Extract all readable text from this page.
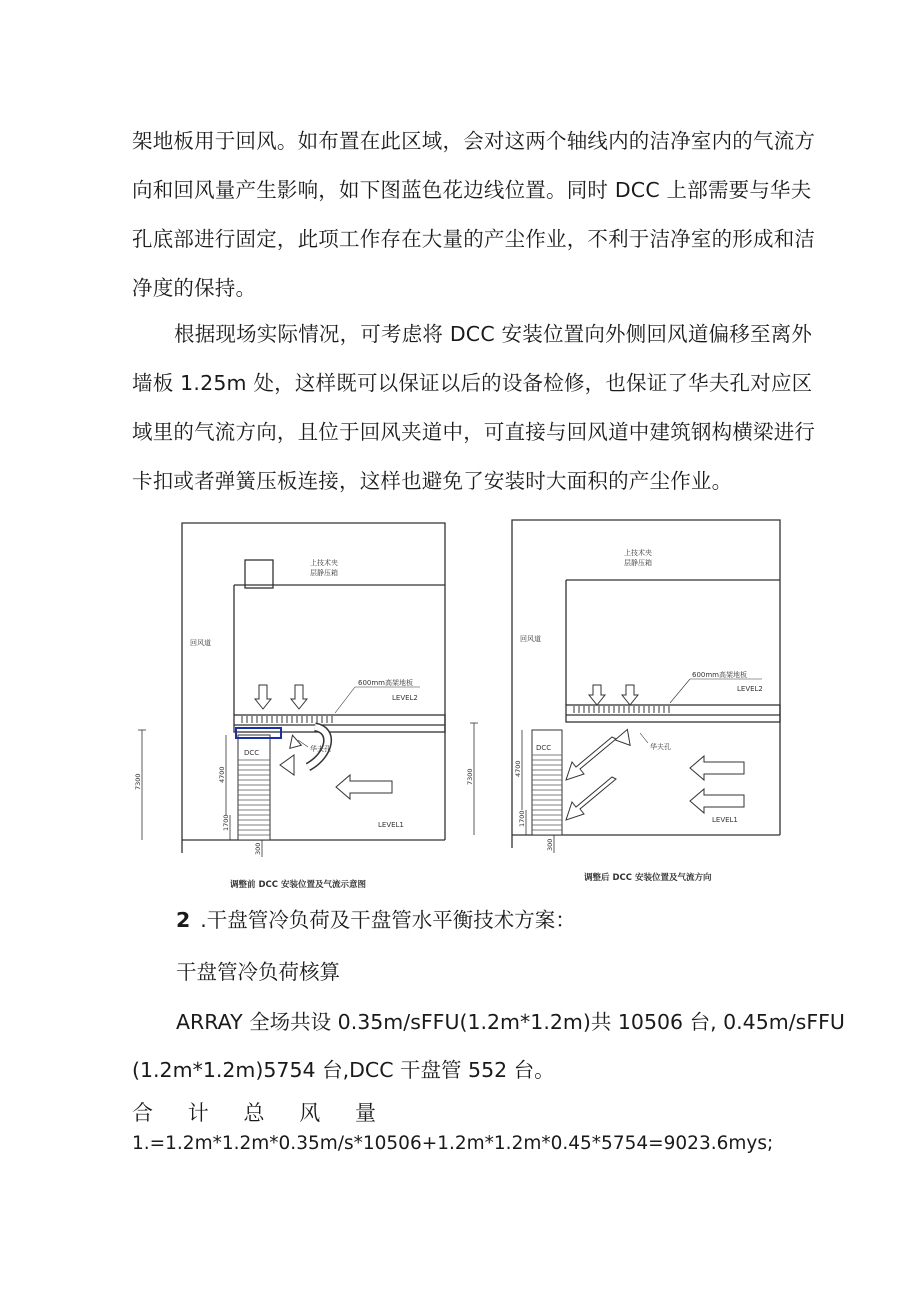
架地板用于回风。如布置在此区域，会对这两个轴线内的洁净室内的气流方
向和回风量产生影响，如下图蓝色花边线位置。同时 DCC 上部需要与华夫
孔底部进行固定，此项工作存在大量的产尘作业，不利于洁净室的形成和洁
净度的保持。
根据现场实际情况，可考虑将 DCC 安装位置向外侧回风道偏移至离外
墙板 1.25m 处，这样既可以保证以后的设备检修，也保证了华夫孔对应区
域里的气流方向，且位于回风夹道中，可直接与回风道中建筑钢构横梁进行
卡扣或者弹簧压板连接，这样也避免了安装时大面积的产尘作业。
上技术夹
层静压箱
回风道
600mm高架地板
LEVEL2
LEVEL1
DCC	华夫孔
7300	4700
1700
300
调整前 DCC 安装位置及气流示意图
上技术夹
层静压箱
回风道
600mm高架地板
LEVEL2
LEVEL1
DCC	华夫孔
7300	4700
1700
300
调整后 DCC 安装位置及气流方向
2 .干盘管冷负荷及干盘管水平衡技术方案：
干盘管冷负荷核算
ARRAY 全场共设 0.35m∕sFFU(1.2m*1.2m)共 10506 台, 0.45m∕sFFU
(1.2m*1.2m)5754 台,DCC 干盘管 552 台。
合 计 总 风 量
1.=1.2m*1.2m*0.35m∕s*10506+1.2m*1.2m*0.45*5754=9023.6mys;
